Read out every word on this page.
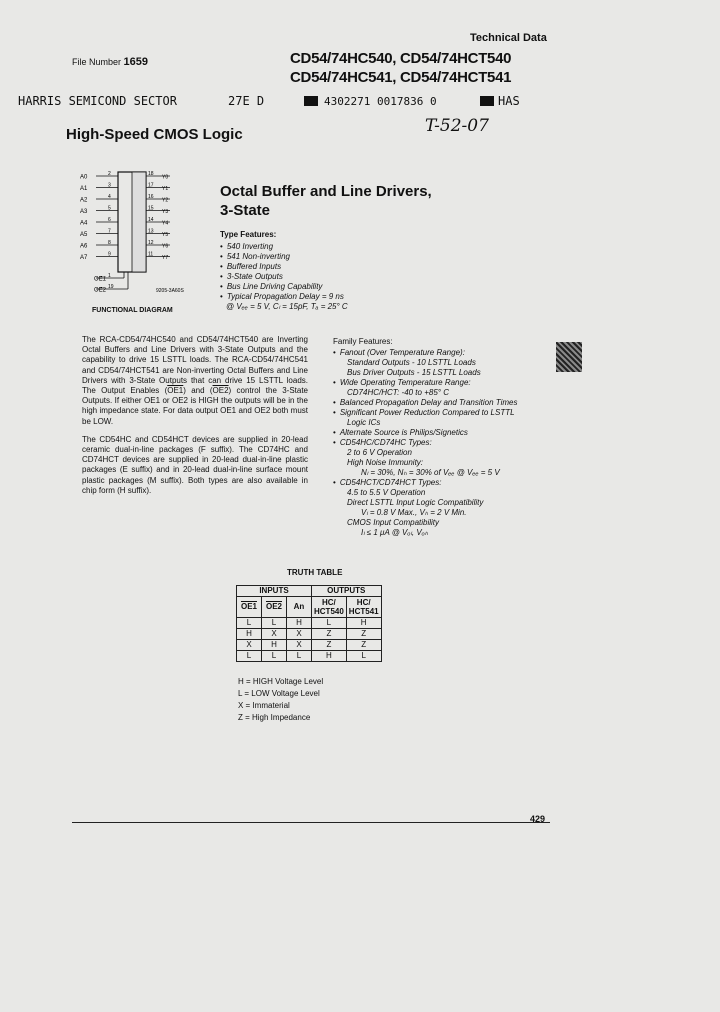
Technical Data
File Number 1659	CD54/74HC540, CD54/74HCT540
CD54/74HC541, CD54/74HCT541
HARRIS SEMICOND SECTOR	27E D	4302271 0017836 0	HAS
T-52-07
High-Speed CMOS Logic
A0
2
A1
3
A2
4
A3
5
A4
6
A5
7
A6
8
A7
9
18
Y0
17
Y1
16
Y2
15
Y3
14
Y4
13
Y5
12
Y6
11
Y7
OE1
1
OE2
19
9205-3A60S
FUNCTIONAL DIAGRAM
Octal Buffer and Line Drivers,
3-State
Type Features:
• 540 Inverting
• 541 Non-inverting
• Buffered Inputs
• 3-State Outputs
• Bus Line Driving Capability
• Typical Propagation Delay = 9 ns
@ Vₑₑ = 5 V, Cₗ = 15pF, Tₐ = 25° C

The RCA-CD54/74HC540 and CD54/74HCT540 are Inverting Octal Buffers and Line Drivers with 3-State Outputs and the capability to drive 15 LSTTL loads. The RCA-CD54/74HC541 and CD54/74HCT541 are Non-inverting Octal Buffers and Line Drivers with 3-State Outputs that can drive 15 LSTTL loads. The Output Enables (OE1) and (OE2) control the 3-State Outputs. If either OE1 or OE2 is HIGH the outputs will be in the high impedance state. For data output OE1 and OE2 both must be LOW.

The CD54HC and CD54HCT devices are supplied in 20-lead ceramic dual-in-line packages (F suffix). The CD74HC and CD74HCT devices are supplied in 20-lead dual-in-line plastic packages (E suffix) and in 20-lead dual-in-line surface mount plastic packages (M suffix). Both types are also available in chip form (H suffix).

Family Features:
• Fanout (Over Temperature Range):
Standard Outputs - 10 LSTTL Loads
Bus Driver Outputs - 15 LSTTL Loads
• Wide Operating Temperature Range:
CD74HC/HCT: -40 to +85° C
• Balanced Propagation Delay and Transition Times
• Significant Power Reduction Compared to LSTTL
Logic ICs
• Alternate Source is Philips/Signetics
• CD54HC/CD74HC Types:
2 to 6 V Operation
High Noise Immunity:
Nₗ = 30%, Nₕ = 30% of Vₑₑ @ Vₑₑ = 5 V
• CD54HCT/CD74HCT Types:
4.5 to 5.5 V Operation
Direct LSTTL Input Logic Compatibility
Vₗ = 0.8 V Max., Vₕ = 2 V Min.
CMOS Input Compatibility
Iₗ ≤ 1 μA @ Vₒₗ, Vₒₕ
TRUTH TABLE
INPUTS			OUTPUTS	
OE1	OE2	An	HC/ HCT540	HC/ HCT541
L	L	H	L	H
H	X	X	Z	Z
X	H	X	Z	Z
L	L	L	H	L
H = HIGH Voltage Level
L = LOW Voltage Level
X = Immaterial
Z = High Impedance
429
